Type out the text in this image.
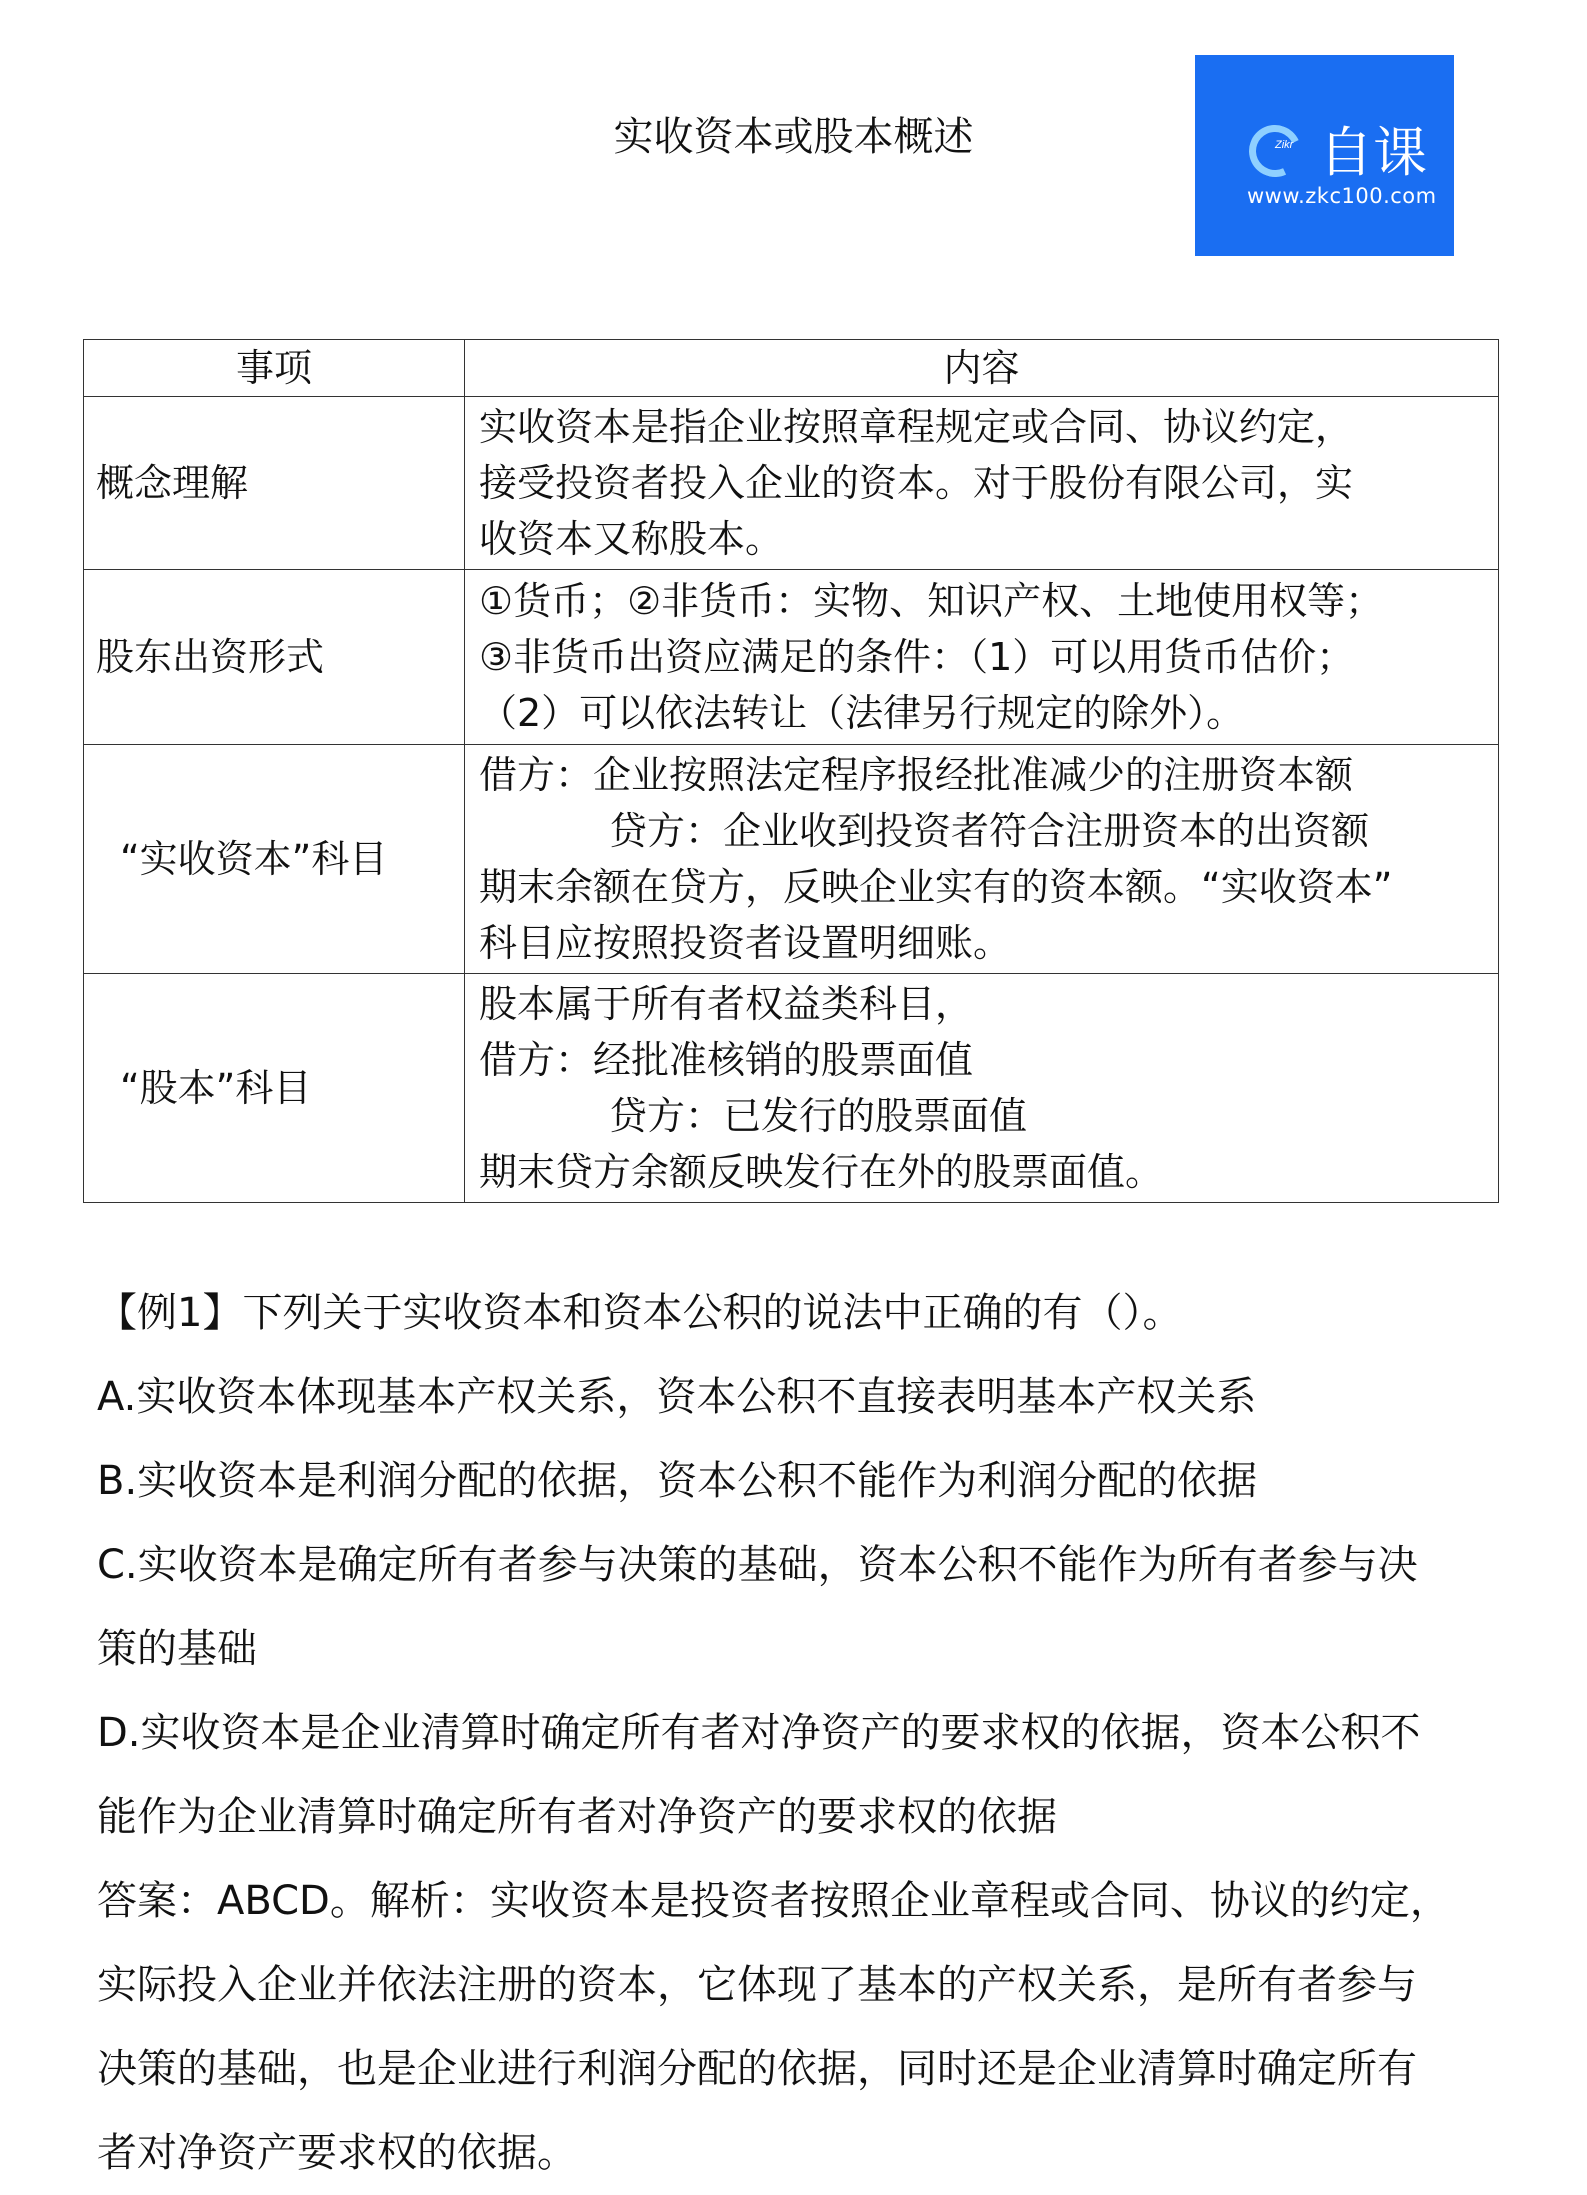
实收资本或股本概述	Zikr 自课
www.zkc100.com
事项	内容
概念理解	实收资本是指企业按照章程规定或合同、协议约定，
接受投资者投入企业的资本。对于股份有限公司，实
收资本又称股本。

股东出资形式	①货币；②非货币：实物、知识产权、土地使用权等；
③非货币出资应满足的条件：（1）可以用货币估价；
（2）可以依法转让（法律另行规定的除外）。

“实收资本”科目	借方：企业按照法定程序报经批准减少的注册资本额
贷方：企业收到投资者符合注册资本的出资额
期末余额在贷方，反映企业实有的资本额。“实收资本”
科目应按照投资者设置明细账。

“股本”科目	股本属于所有者权益类科目，
借方：经批准核销的股票面值
贷方：已发行的股票面值
期末贷方余额反映发行在外的股票面值。
【例1】下列关于实收资本和资本公积的说法中正确的有（）。
A.实收资本体现基本产权关系，资本公积不直接表明基本产权关系
B.实收资本是利润分配的依据，资本公积不能作为利润分配的依据
C.实收资本是确定所有者参与决策的基础，资本公积不能作为所有者参与决
策的基础
D.实收资本是企业清算时确定所有者对净资产的要求权的依据，资本公积不
能作为企业清算时确定所有者对净资产的要求权的依据
答案：ABCD。解析：实收资本是投资者按照企业章程或合同、协议的约定，
实际投入企业并依法注册的资本，它体现了基本的产权关系，是所有者参与
决策的基础，也是企业进行利润分配的依据，同时还是企业清算时确定所有
者对净资产要求权的依据。
